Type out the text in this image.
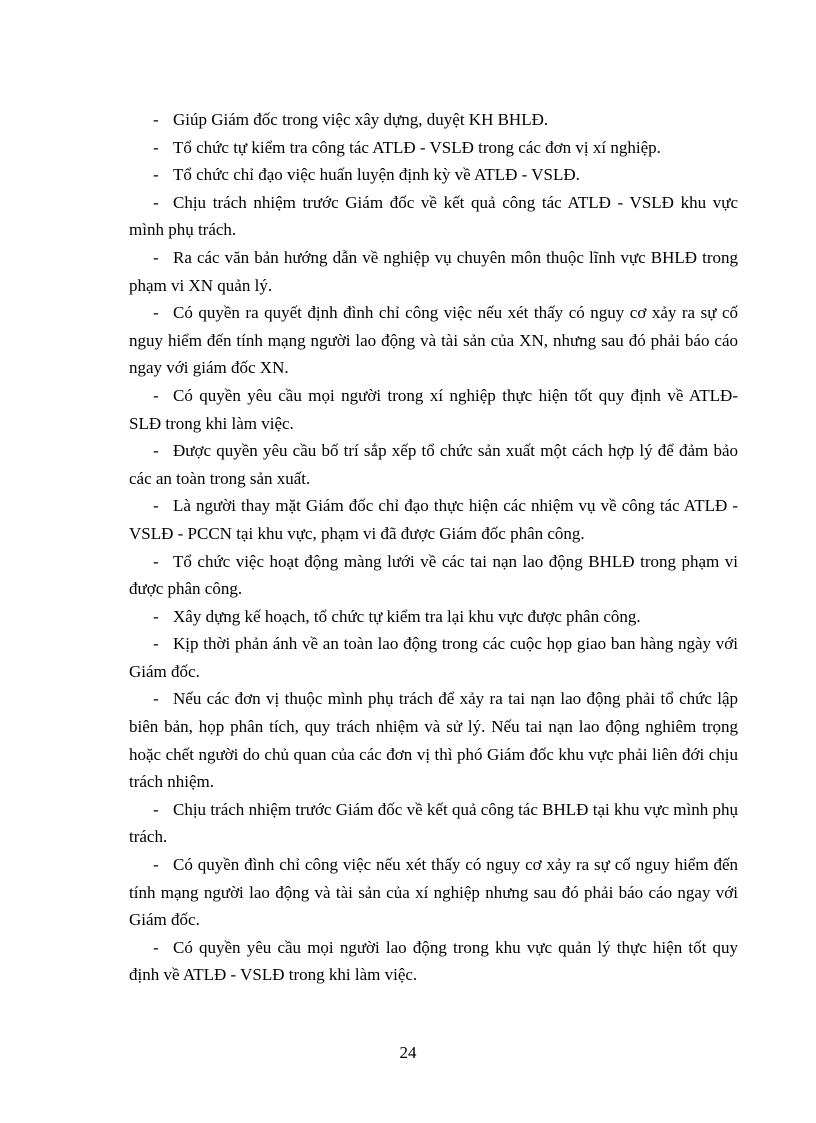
- Giúp Giám đốc trong việc xây dựng, duyệt KH BHLĐ.

- Tổ chức tự kiểm tra công tác ATLĐ - VSLĐ trong các đơn vị xí nghiệp.

- Tổ chức chỉ đạo việc huấn luyện định kỳ về ATLĐ - VSLĐ.

- Chịu trách nhiệm trước Giám đốc về kết quả công tác ATLĐ - VSLĐ khu vực mình phụ trách.

- Ra các văn bản hướng dẫn về nghiệp vụ chuyên môn thuộc lĩnh vực BHLĐ trong phạm vi XN quản lý.

- Có quyền ra quyết định đình chỉ công việc nếu xét thấy có nguy cơ xảy ra sự cố nguy hiểm đến tính mạng người lao động và tài sản của XN, nhưng sau đó phải báo cáo ngay với giám đốc XN.

- Có quyền yêu cầu mọi người trong xí nghiệp thực hiện tốt quy định về ATLĐ- SLĐ trong khi làm việc.

- Được quyền yêu cầu bố trí sắp xếp tổ chức sản xuất một cách hợp lý để đảm bảo các an toàn trong sản xuất.

- Là người thay mặt Giám đốc chỉ đạo thực hiện các nhiệm vụ về công tác ATLĐ - VSLĐ - PCCN tại khu vực, phạm vi đã được Giám đốc phân công.

- Tổ chức việc hoạt động màng lưới về các tai nạn lao động BHLĐ trong phạm vi được phân công.

- Xây dựng kế hoạch, tổ chức tự kiểm tra lại khu vực được phân công.

- Kịp thời phản ánh về an toàn lao động trong các cuộc họp giao ban hàng ngày với Giám đốc.

- Nếu các đơn vị thuộc mình phụ trách để xảy ra tai nạn lao động phải tổ chức lập biên bản, họp phân tích, quy trách nhiệm và sử lý. Nếu tai nạn lao động nghiêm trọng hoặc chết người do chủ quan của các đơn vị thì phó Giám đốc khu vực phải liên đới chịu trách nhiệm.

- Chịu trách nhiệm trước Giám đốc về kết quả công tác BHLĐ tại khu vực mình phụ trách.

- Có quyền đình chỉ công việc nếu xét thấy có nguy cơ xảy ra sự cố nguy hiểm đến tính mạng người lao động và tài sản của xí nghiệp nhưng sau đó phải báo cáo ngay với Giám đốc.

- Có quyền yêu cầu mọi người lao động trong khu vực quản lý thực hiện tốt quy định về ATLĐ - VSLĐ trong khi làm việc.

24
